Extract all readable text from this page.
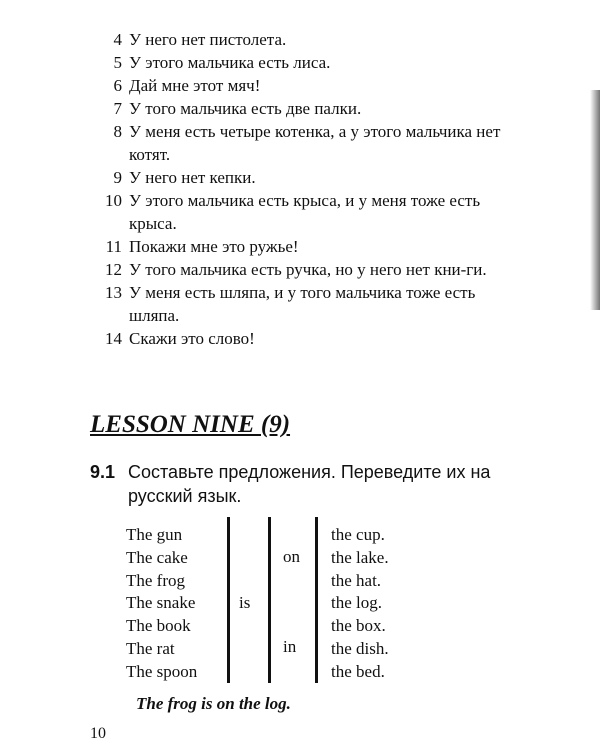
4 У него нет пистолета.
5 У этого мальчика есть лиса.
6 Дай мне этот мяч!
7 У того мальчика есть две палки.
8 У меня есть четыре котенка, а у этого мальчика нет котят.
9 У него нет кепки.
10 У этого мальчика есть крыса, и у меня тоже есть крыса.
11 Покажи мне это ружье!
12 У того мальчика есть ручка, но у него нет кни-ги.
13 У меня есть шляпа, и у того мальчика тоже есть шляпа.
14 Скажи это слово!
LESSON NINE (9)
9.1 Составьте предложения. Переведите их на русский язык.
The gun
The cake
The frog
The snake
The book
The rat
The spoon
is
on
in
the cup.
the lake.
the hat.
the log.
the box.
the dish.
the bed.

The frog is on the log.

10
